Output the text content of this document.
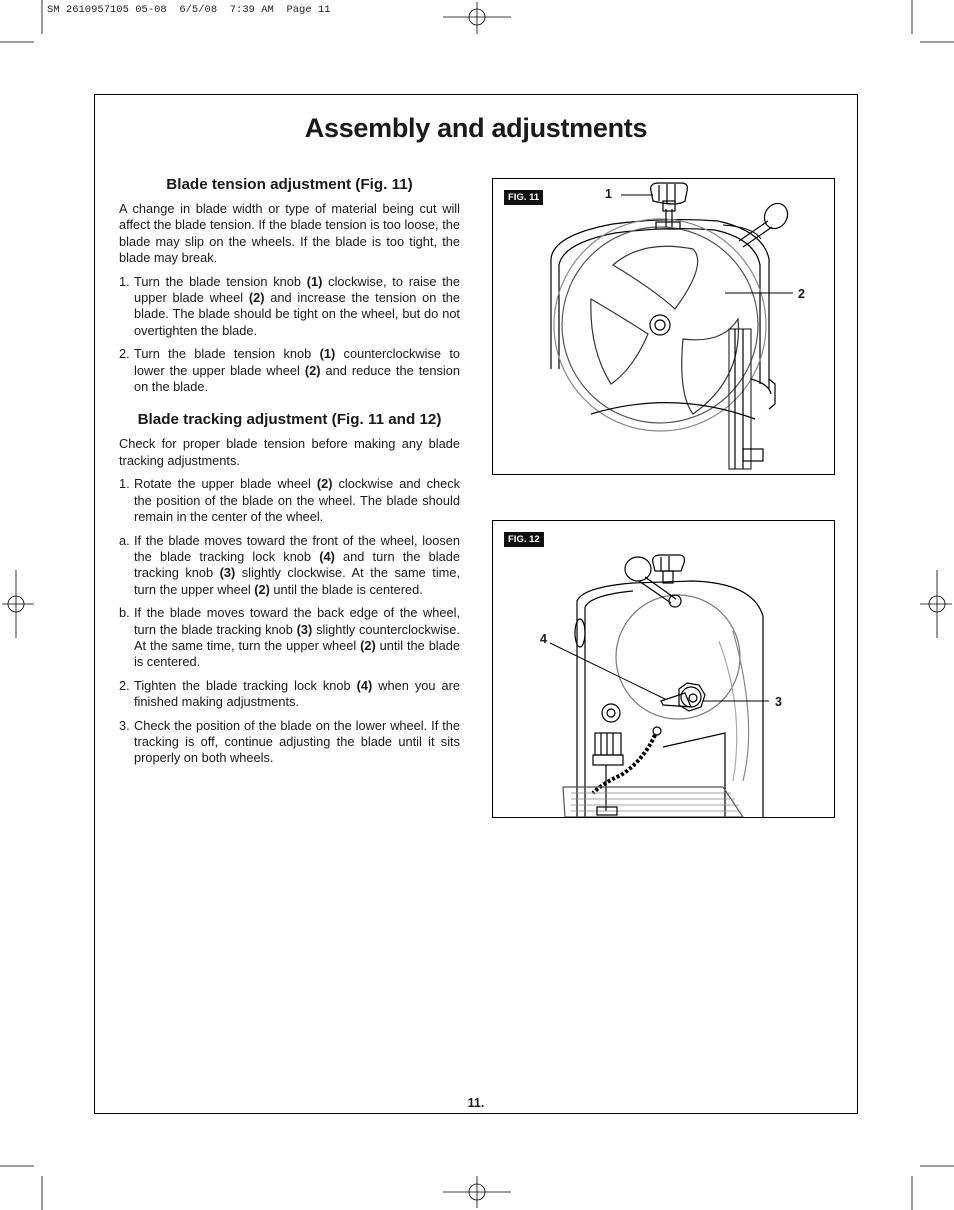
SM 2610957105 05-08  6/5/08  7:39 AM  Page 11
Assembly and adjustments
Blade tension adjustment (Fig. 11)

A change in blade width or type of material being cut will affect the blade tension. If the blade tension is too loose, the blade may slip on the wheels. If the blade is too tight, the blade may break.

1. Turn the blade tension knob (1) clockwise, to raise the upper blade wheel (2) and increase the tension on the blade. The blade should be tight on the wheel, but do not overtighten the blade.
2. Turn the blade tension knob (1) counterclockwise to lower the upper blade wheel (2) and reduce the tension on the blade.
Blade tracking adjustment (Fig. 11 and 12)

Check for proper blade tension before making any blade tracking adjustments.

1. Rotate the upper blade wheel (2) clockwise and check the position of the blade on the wheel. The blade should remain in the center of the wheel.
a. If the blade moves toward the front of the wheel, loosen the blade tracking lock knob (4) and turn the blade tracking knob (3) slightly clockwise. At the same time, turn the upper wheel (2) until the blade is centered.
b. If the blade moves toward the back edge of the wheel, turn the blade tracking knob (3) slightly counterclockwise. At the same time, turn the upper wheel (2) until the blade is centered.
2. Tighten the blade tracking lock knob (4) when you are finished making adjustments.
3. Check the position of the blade on the lower wheel. If the tracking is off, continue adjusting the blade until it sits properly on both wheels.
FIG. 11	1
2
FIG. 12
4
3
11.
